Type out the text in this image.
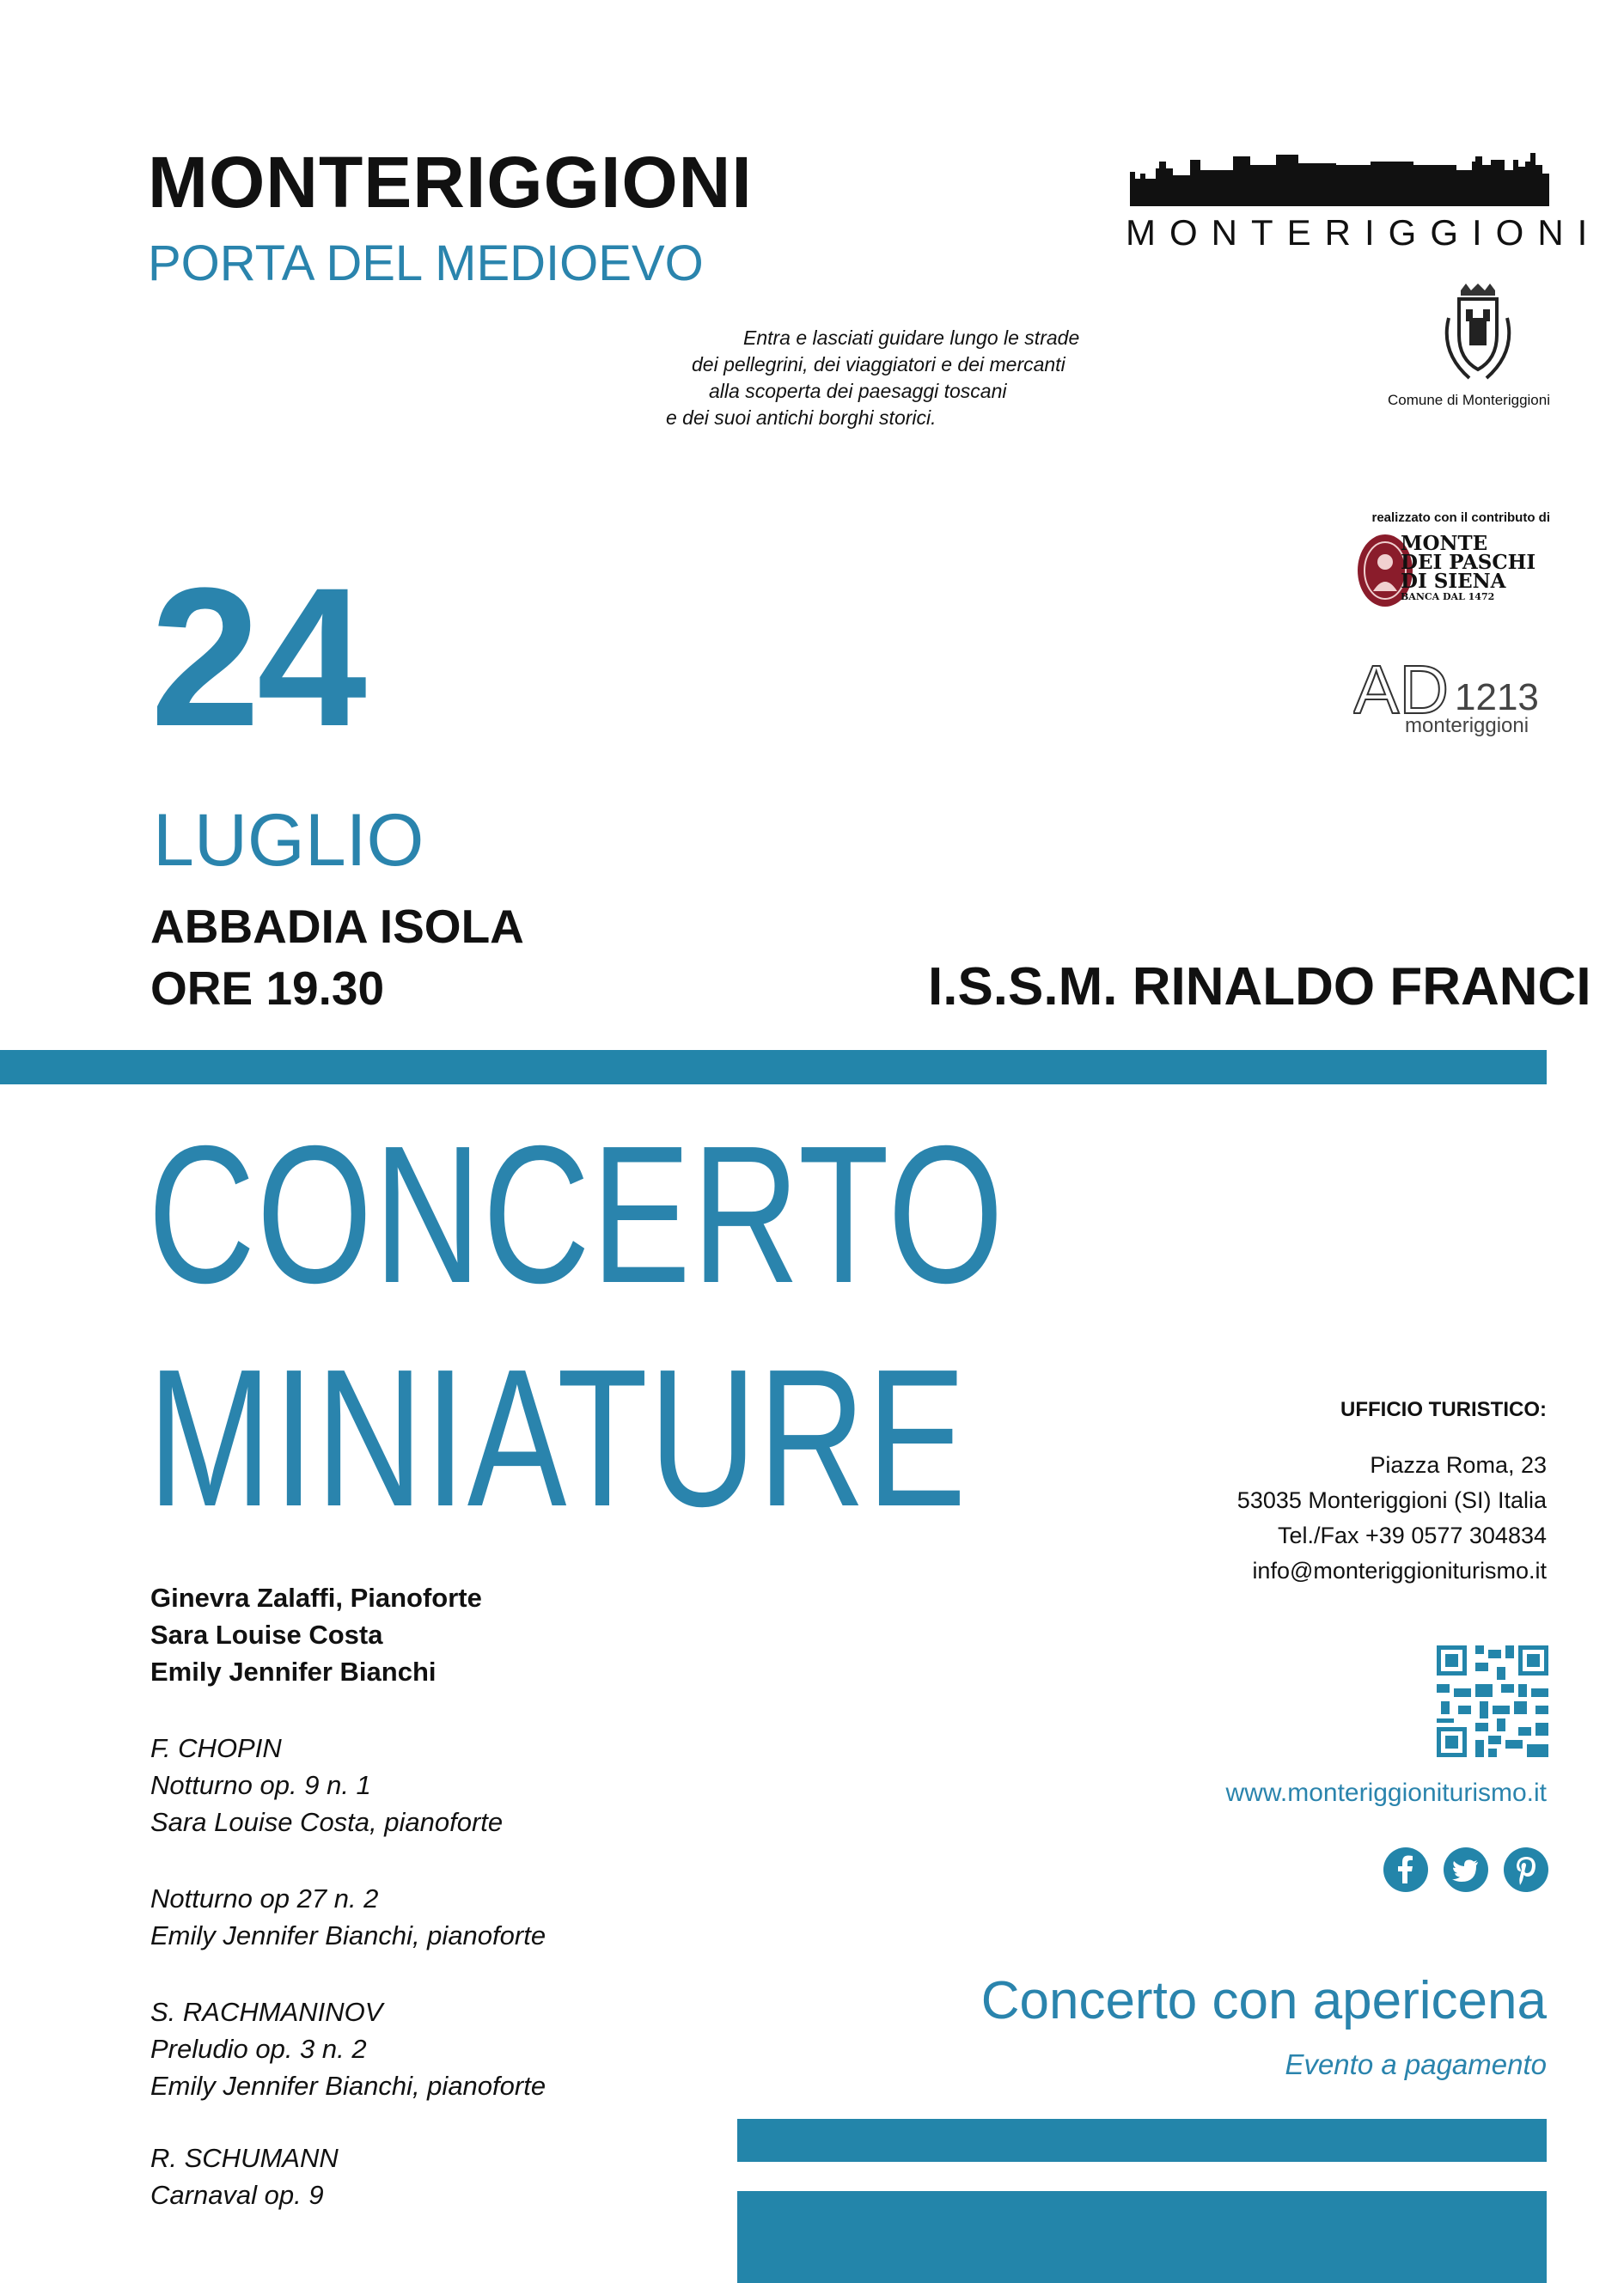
MONTERIGGIONI
PORTA DEL MEDIOEVO
Entra e lasciati guidare lungo le strade
dei pellegrini, dei viaggiatori e dei mercanti
alla scoperta dei paesaggi toscani
e dei suoi antichi borghi storici.
MONTERIGGIONI
Comune di Monteriggioni
realizzato con il contributo di
MONTE
DEI PASCHI
DI SIENA
BANCA DAL 1472
AD 1213
monteriggioni
24
LUGLIO
ABBADIA ISOLA
ORE 19.30	I.S.S.M. RINALDO FRANCI
CONCERTO
MINIATURE
Ginevra Zalaffi, Pianoforte
Sara Louise Costa
Emily Jennifer Bianchi
F. CHOPIN
Notturno op. 9 n. 1
Sara Louise Costa, pianoforte
Notturno op 27 n. 2
Emily Jennifer Bianchi, pianoforte
S. RACHMANINOV
Preludio op. 3 n. 2
Emily Jennifer Bianchi, pianoforte
R. SCHUMANN
Carnaval op. 9
UFFICIO TURISTICO:
Piazza Roma, 23
53035 Monteriggioni (SI) Italia
Tel./Fax +39 0577 304834
info@monteriggioniturismo.it
www.monteriggioniturismo.it
Concerto con apericena
Evento a pagamento
